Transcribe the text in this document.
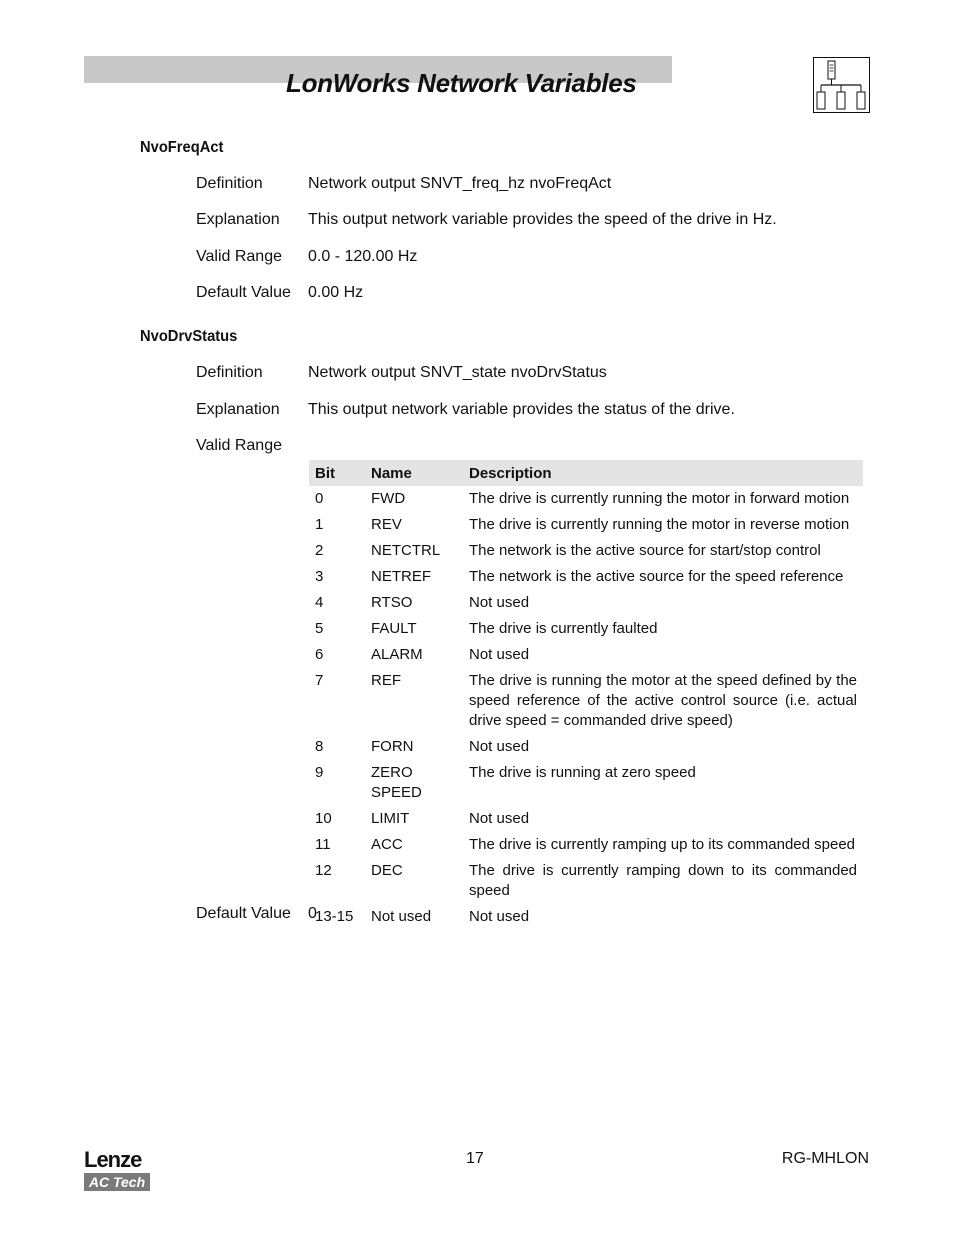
LonWorks Network Variables
NvoFreqAct
Definition	Network output SNVT_freq_hz nvoFreqAct
Explanation This output network variable provides the speed of the drive in Hz.
Valid Range 0.0 - 120.00 Hz
Default Value 0.00 Hz
NvoDrvStatus
Definition	Network output SNVT_state nvoDrvStatus
Explanation This output network variable provides the status of the drive.
Valid Range
Bit	Name	Description
0	FWD	The drive is currently running the motor in forward motion
1	REV	The drive is currently running the motor in reverse motion
2	NETCTRL	The network is the active source for start/stop control
3	NETREF	The network is the active source for the speed reference
4	RTSO	Not used
5	FAULT	The drive is currently faulted
6	ALARM	Not used
7	REF	The drive is running the motor at the speed defined by the speed reference of the active control source (i.e. actual drive speed = commanded drive speed)
8	FORN	Not used
9	ZERO SPEED	The drive is running at zero speed
10	LIMIT	Not used
11	ACC	The drive is currently ramping up to its commanded speed
12	DEC	The drive is currently ramping down to its commanded speed
13-15	Not used	Not used
Default Value 0
Lenze
AC Tech
17	RG-MHLON
